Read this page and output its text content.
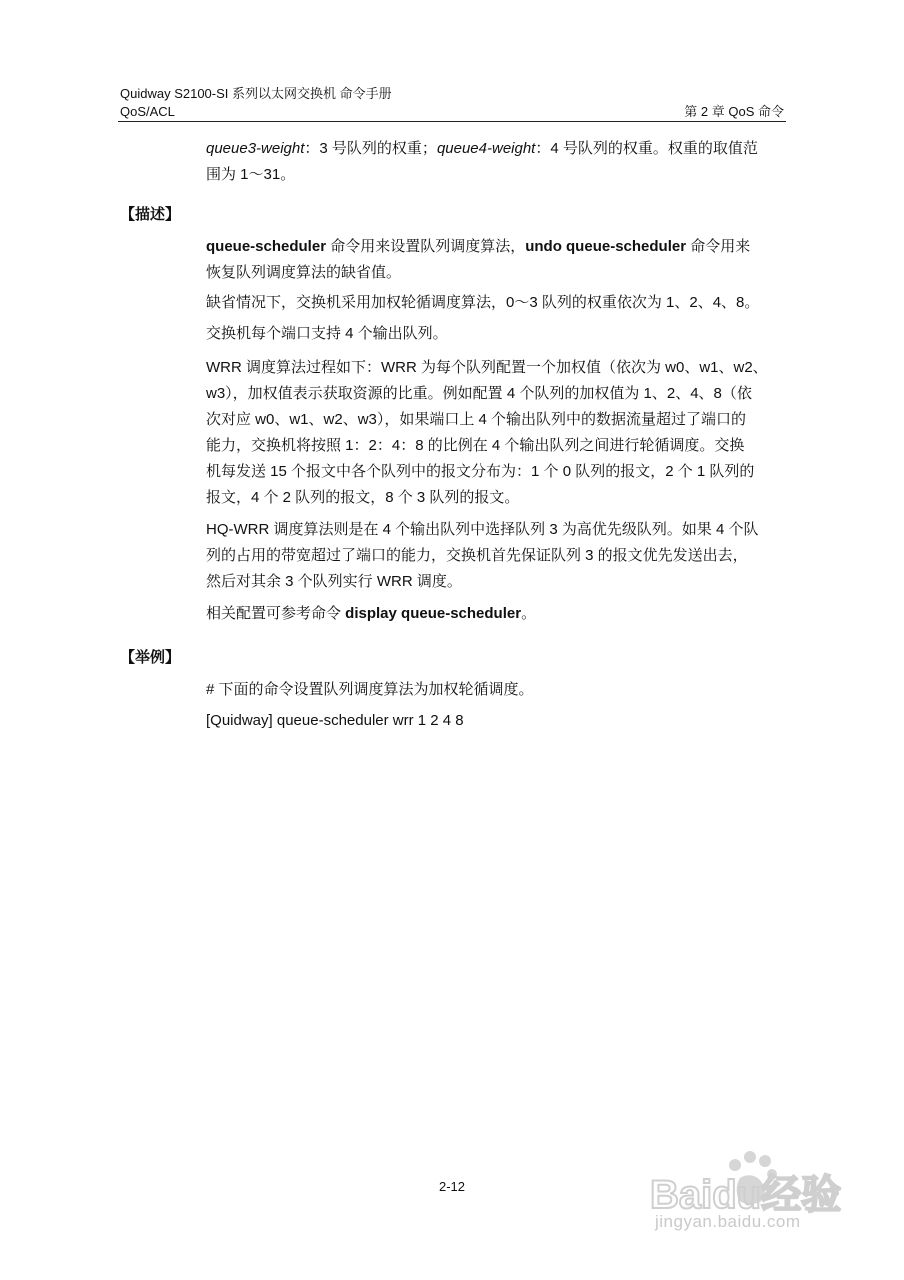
Quidway S2100-SI 系列以太网交换机 命令手册
QoS/ACL	第 2 章 QoS 命令

queue3-weight：3 号队列的权重；queue4-weight：4 号队列的权重。权重的取值范

围为 1～31。

【描述】

queue-scheduler 命令用来设置队列调度算法，undo queue-scheduler 命令用来

恢复队列调度算法的缺省值。

缺省情况下，交换机采用加权轮循调度算法，0～3 队列的权重依次为 1、2、4、8。
交换机每个端口支持 4 个输出队列。

WRR 调度算法过程如下：WRR 为每个队列配置一个加权值（依次为 w0、w1、w2、

w3），加权值表示获取资源的比重。例如配置 4 个队列的加权值为 1、2、4、8（依

次对应 w0、w1、w2、w3），如果端口上 4 个输出队列中的数据流量超过了端口的

能力，交换机将按照 1：2：4：8 的比例在 4 个输出队列之间进行轮循调度。交换

机每发送 15 个报文中各个队列中的报文分布为：1 个 0 队列的报文，2 个 1 队列的

报文，4 个 2 队列的报文，8 个 3 队列的报文。

HQ-WRR 调度算法则是在 4 个输出队列中选择队列 3 为高优先级队列。如果 4 个队

列的占用的带宽超过了端口的能力，交换机首先保证队列 3 的报文优先发送出去，

然后对其余 3 个队列实行 WRR 调度。

相关配置可参考命令 display queue-scheduler。
【举例】
# 下面的命令设置队列调度算法为加权轮循调度。
[Quidway] queue-scheduler wrr 1 2 4 8
2-12	Baidu经验
jingyan.baidu.com
